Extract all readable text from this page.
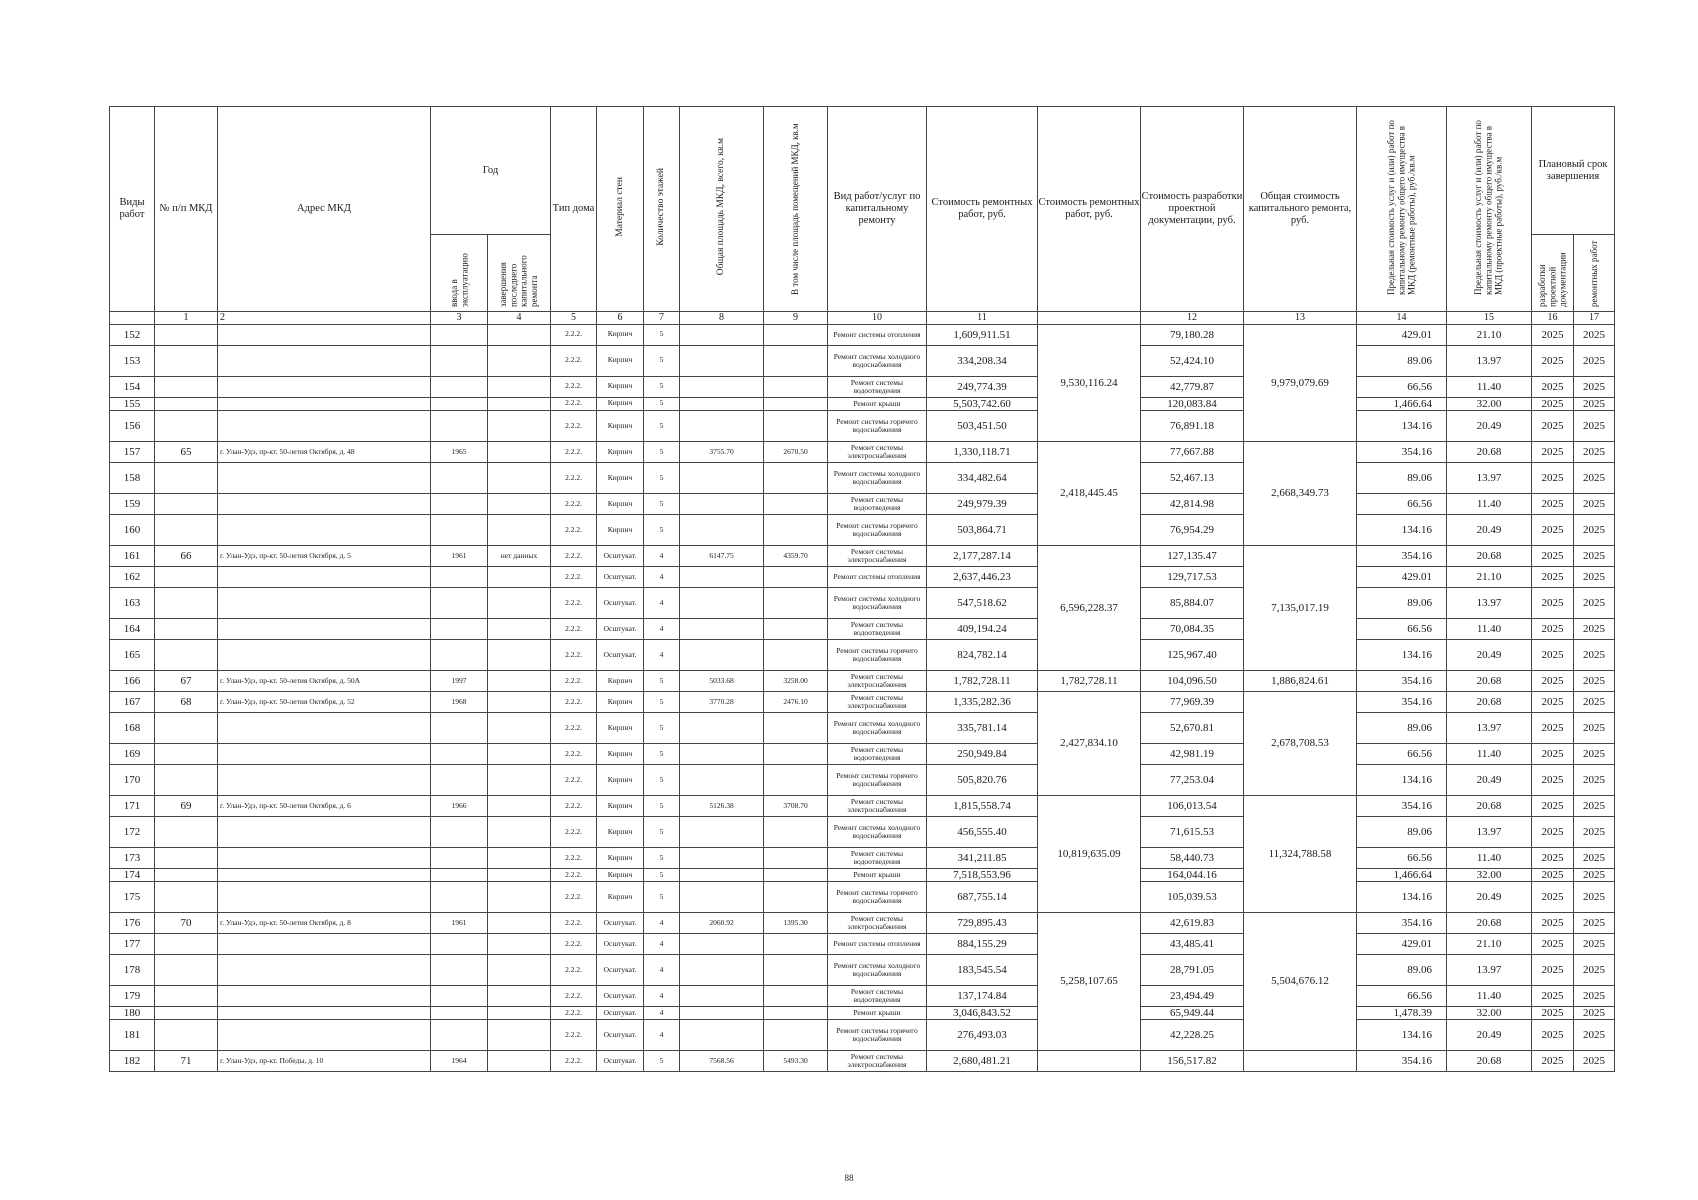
Виды работ	№ п/п МКД	Адрес МКД	Год		Тип дома	Материал стен	Количество этажей	Общая площадь МКД, всего, кв.м	В том числе площадь помещений МКД, кв.м	Вид работ/услуг по капитальному ремонту	Стоимость ремонтных работ, руб.	Стоимость ремонтных работ, руб.	Стоимость разработки проектной документации, руб.	Общая стоимость капитального ремонта, руб.	Предельная стоимость услуг и (или) работ по капитальному ремонту общего имущества в МКД (ремонтные работы), руб./кв.м	Предельная стоимость услуг и (или) работ по капитальному ремонту общего имущества в МКД (проектные работы), руб./кв.м	Плановый срок завершения	
			ввода в эксплуатацию	завершения последнего капитального ремонта													разработки проектной документации	ремонтных работ
	1	2	3	4	5	6	7	8	9	10	11		12	13	14	15	16	17
152					2.2.2.	Кирпич	5			Ремонт системы отопления	1,609,911.51	9,530,116.24	79,180.28	9,979,079.69	429.01	21.10	2025	2025
153					2.2.2.	Кирпич	5			Ремонт системы холодного водоснабжения	334,208.34		52,424.10		89.06	13.97	2025	2025
154					2.2.2.	Кирпич	5			Ремонт системы водоотведения	249,774.39		42,779.87		66.56	11.40	2025	2025
155					2.2.2.	Кирпич	5			Ремонт крыши	5,503,742.60		120,083.84		1,466.64	32.00	2025	2025
156					2.2.2.	Кирпич	5			Ремонт системы горячего водоснабжения	503,451.50		76,891.18		134.16	20.49	2025	2025
157	65	г. Улан-Удэ, пр-кт. 50-летия Октября, д. 48	1965		2.2.2.	Кирпич	5	3755.70	2670.50	Ремонт системы электроснабжения	1,330,118.71	2,418,445.45	77,667.88	2,668,349.73	354.16	20.68	2025	2025
158					2.2.2.	Кирпич	5			Ремонт системы холодного водоснабжения	334,482.64		52,467.13		89.06	13.97	2025	2025
159					2.2.2.	Кирпич	5			Ремонт системы водоотведения	249,979.39		42,814.98		66.56	11.40	2025	2025
160					2.2.2.	Кирпич	5			Ремонт системы горячего водоснабжения	503,864.71		76,954.29		134.16	20.49	2025	2025
161	66	г. Улан-Удэ, пр-кт. 50-летия Октября, д. 5	1961	нет данных	2.2.2.	Осштукат.	4	6147.75	4359.70	Ремонт системы электроснабжения	2,177,287.14	6,596,228.37	127,135.47	7,135,017.19	354.16	20.68	2025	2025
162					2.2.2.	Осштукат.	4			Ремонт системы отопления	2,637,446.23		129,717.53		429.01	21.10	2025	2025
163					2.2.2.	Осштукат.	4			Ремонт системы холодного водоснабжения	547,518.62		85,884.07		89.06	13.97	2025	2025
164					2.2.2.	Осштукат.	4			Ремонт системы водоотведения	409,194.24		70,084.35		66.56	11.40	2025	2025
165					2.2.2.	Осштукат.	4			Ремонт системы горячего водоснабжения	824,782.14		125,967.40		134.16	20.49	2025	2025
166	67	г. Улан-Удэ, пр-кт. 50-летия Октября, д. 50А	1997		2.2.2.	Кирпич	5	5033.68	3258.00	Ремонт системы электроснабжения	1,782,728.11	1,782,728.11	104,096.50	1,886,824.61	354.16	20.68	2025	2025
167	68	г. Улан-Удэ, пр-кт. 50-летия Октября, д. 52	1968		2.2.2.	Кирпич	5	3770.28	2476.10	Ремонт системы электроснабжения	1,335,282.36	2,427,834.10	77,969.39	2,678,708.53	354.16	20.68	2025	2025
168					2.2.2.	Кирпич	5			Ремонт системы холодного водоснабжения	335,781.14		52,670.81		89.06	13.97	2025	2025
169					2.2.2.	Кирпич	5			Ремонт системы водоотведения	250,949.84		42,981.19		66.56	11.40	2025	2025
170					2.2.2.	Кирпич	5			Ремонт системы горячего водоснабжения	505,820.76		77,253.04		134.16	20.49	2025	2025
171	69	г. Улан-Удэ, пр-кт. 50-летия Октября, д. 6	1966		2.2.2.	Кирпич	5	5126.38	3708.70	Ремонт системы электроснабжения	1,815,558.74	10,819,635.09	106,013.54	11,324,788.58	354.16	20.68	2025	2025
172					2.2.2.	Кирпич	5			Ремонт системы холодного водоснабжения	456,555.40		71,615.53		89.06	13.97	2025	2025
173					2.2.2.	Кирпич	5			Ремонт системы водоотведения	341,211.85		58,440.73		66.56	11.40	2025	2025
174					2.2.2.	Кирпич	5			Ремонт крыши	7,518,553.96		164,044.16		1,466.64	32.00	2025	2025
175					2.2.2.	Кирпич	5			Ремонт системы горячего водоснабжения	687,755.14		105,039.53		134.16	20.49	2025	2025
176	70	г. Улан-Удэ, пр-кт. 50-летия Октября, д. 8	1961		2.2.2.	Осштукат.	4	2060.92	1395.30	Ремонт системы электроснабжения	729,895.43	5,258,107.65	42,619.83	5,504,676.12	354.16	20.68	2025	2025
177					2.2.2.	Осштукат.	4			Ремонт системы отопления	884,155.29		43,485.41		429.01	21.10	2025	2025
178					2.2.2.	Осштукат.	4			Ремонт системы холодного водоснабжения	183,545.54		28,791.05		89.06	13.97	2025	2025
179					2.2.2.	Осштукат.	4			Ремонт системы водоотведения	137,174.84		23,494.49		66.56	11.40	2025	2025
180					2.2.2.	Осштукат.	4			Ремонт крыши	3,046,843.52		65,949.44		1,478.39	32.00	2025	2025
181					2.2.2.	Осштукат.	4			Ремонт системы горячего водоснабжения	276,493.03		42,228.25		134.16	20.49	2025	2025
182	71	г. Улан-Удэ, пр-кт. Победы, д. 10	1964		2.2.2.	Осштукат.	5	7568.56	5493.30	Ремонт системы электроснабжения	2,680,481.21		156,517.82		354.16	20.68	2025	2025
88
